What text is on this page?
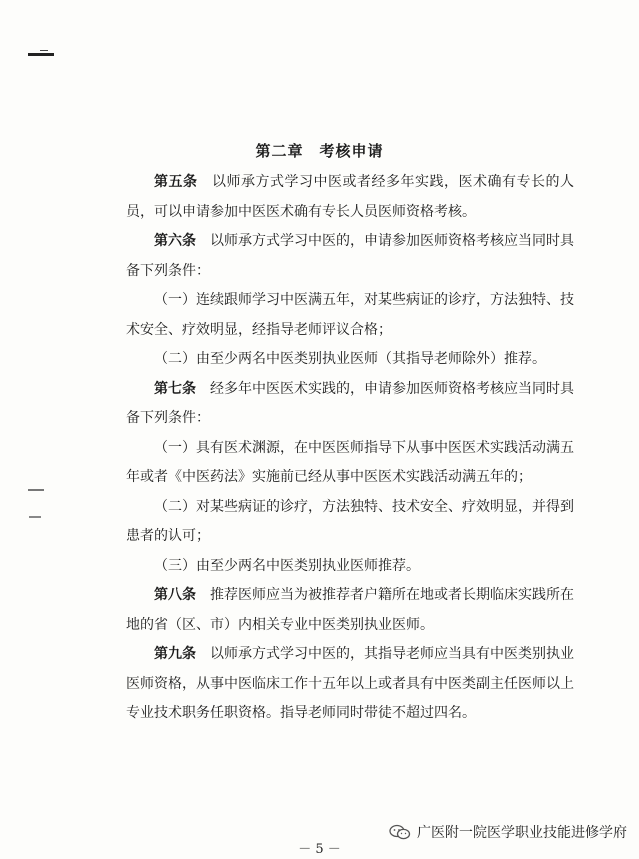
第二章　考核申请

第五条　 以师承方式学习中医或者经多年实践，医术确有专长的人员，可以申请参加中医医术确有专长人员医师资格考核。

第六条　 以师承方式学习中医的，申请参加医师资格考核应当同时具备下列条件：

（一）连续跟师学习中医满五年，对某些病证的诊疗，方法独特、技术安全、疗效明显，经指导老师评议合格；

（二）由至少两名中医类别执业医师（其指导老师除外）推荐。

第七条　 经多年中医医术实践的，申请参加医师资格考核应当同时具备下列条件：

（一）具有医术渊源，在中医医师指导下从事中医医术实践活动满五年或者《中医药法》实施前已经从事中医医术实践活动满五年的；

（二）对某些病证的诊疗，方法独特、技术安全、疗效明显，并得到患者的认可；

（三）由至少两名中医类别执业医师推荐。

第八条　 推荐医师应当为被推荐者户籍所在地或者长期临床实践所在地的省（区、市）内相关专业中医类别执业医师。

第九条　 以师承方式学习中医的，其指导老师应当具有中医类别执业医师资格，从事中医临床工作十五年以上或者具有中医类副主任医师以上专业技术职务任职资格。指导老师同时带徒不超过四名。

广医附一院医学职业技能进修学府
－ 5 －
